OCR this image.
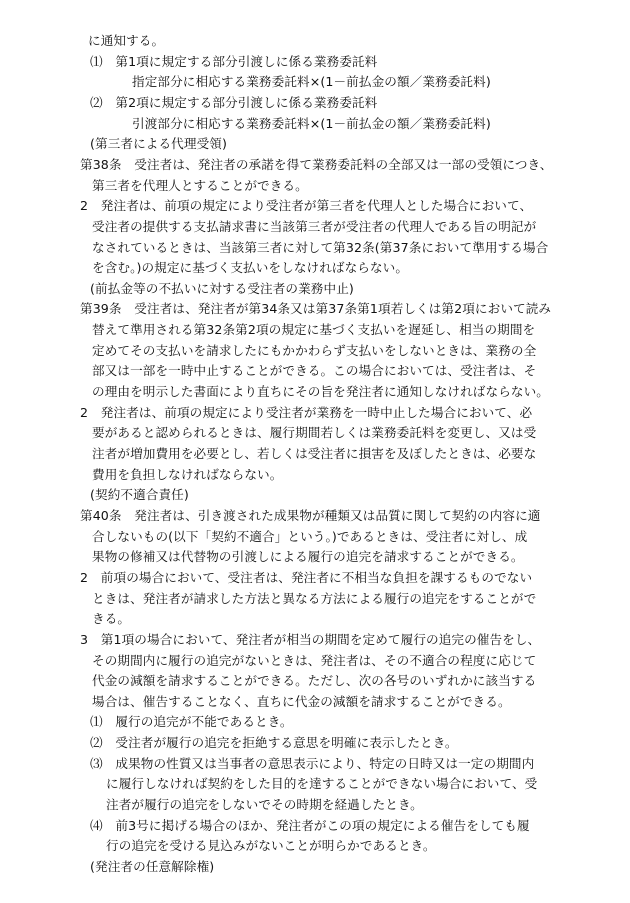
に通知する。
⑴　第1項に規定する部分引渡しに係る業務委託料
指定部分に相応する業務委託料×(1－前払金の額／業務委託料)
⑵　第2項に規定する部分引渡しに係る業務委託料
引渡部分に相応する業務委託料×(1－前払金の額／業務委託料)
(第三者による代理受領)
第38条　受注者は、発注者の承諾を得て業務委託料の全部又は一部の受領につき、
第三者を代理人とすることができる。
2　発注者は、前項の規定により受注者が第三者を代理人とした場合において、
受注者の提供する支払請求書に当該第三者が受注者の代理人である旨の明記が
なされているときは、当該第三者に対して第32条(第37条において準用する場合
を含む。)の規定に基づく支払いをしなければならない。
(前払金等の不払いに対する受注者の業務中止)
第39条　受注者は、発注者が第34条又は第37条第1項若しくは第2項において読み
替えて準用される第32条第2項の規定に基づく支払いを遅延し、相当の期間を
定めてその支払いを請求したにもかかわらず支払いをしないときは、業務の全
部又は一部を一時中止することができる。この場合においては、受注者は、そ
の理由を明示した書面により直ちにその旨を発注者に通知しなければならない。
2　発注者は、前項の規定により受注者が業務を一時中止した場合において、必
要があると認められるときは、履行期間若しくは業務委託料を変更し、又は受
注者が増加費用を必要とし、若しくは受注者に損害を及ぼしたときは、必要な
費用を負担しなければならない。
(契約不適合責任)
第40条　発注者は、引き渡された成果物が種類又は品質に関して契約の内容に適
合しないもの(以下「契約不適合」という。)であるときは、受注者に対し、成
果物の修補又は代替物の引渡しによる履行の追完を請求することができる。
2　前項の場合において、受注者は、発注者に不相当な負担を課するものでない
ときは、発注者が請求した方法と異なる方法による履行の追完をすることがで
きる。
3　第1項の場合において、発注者が相当の期間を定めて履行の追完の催告をし、
その期間内に履行の追完がないときは、発注者は、その不適合の程度に応じて
代金の減額を請求することができる。ただし、次の各号のいずれかに該当する
場合は、催告することなく、直ちに代金の減額を請求することができる。
⑴　履行の追完が不能であるとき。
⑵　受注者が履行の追完を拒絶する意思を明確に表示したとき。
⑶　成果物の性質又は当事者の意思表示により、特定の日時又は一定の期間内
に履行しなければ契約をした目的を達することができない場合において、受
注者が履行の追完をしないでその時期を経過したとき。
⑷　前3号に掲げる場合のほか、発注者がこの項の規定による催告をしても履
行の追完を受ける見込みがないことが明らかであるとき。
(発注者の任意解除権)
